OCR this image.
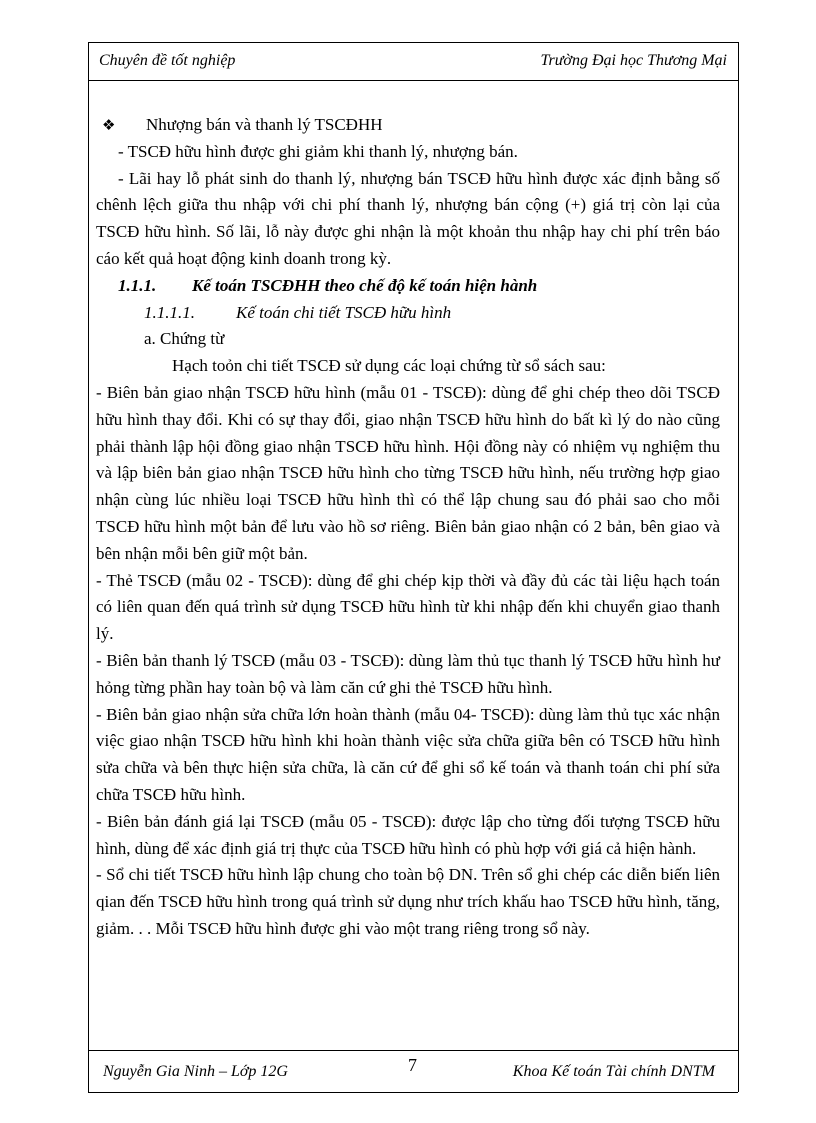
Chuyên đề tốt nghiệp	Trường Đại học Thương Mại
❖ Nhượng bán và thanh lý TSCĐHH

- TSCĐ hữu hình được ghi giảm khi thanh lý, nhượng bán.

- Lãi hay lỗ phát sinh do thanh lý, nhượng bán TSCĐ hữu hình được xác định bằng số chênh lệch giữa thu nhập với chi phí thanh lý, nhượng bán cộng (+) giá trị còn lại của TSCĐ hữu hình. Số lãi, lỗ này được ghi nhận là một khoản thu nhập hay chi phí trên báo cáo kết quả hoạt động kinh doanh trong kỳ.

1.1.1. Kế toán TSCĐHH theo chế độ kế toán hiện hành
1.1.1.1. Kế toán chi tiết TSCĐ hữu hình
a. Chứng từ
Hạch toỏn chi tiết TSCĐ sử dụng các loại chứng từ sổ sách sau:

- Biên bản giao nhận TSCĐ hữu hình (mẫu 01 - TSCĐ): dùng để ghi chép theo dõi TSCĐ hữu hình thay đổi. Khi có sự thay đổi, giao nhận TSCĐ hữu hình do bất kì lý do nào cũng phải thành lập hội đồng giao nhận TSCĐ hữu hình. Hội đồng này có nhiệm vụ nghiệm thu và lập biên bản giao nhận TSCĐ hữu hình cho từng TSCĐ hữu hình, nếu trường hợp giao nhận cùng lúc nhiều loại TSCĐ hữu hình thì có thể lập chung sau đó phải sao cho mỗi TSCĐ hữu hình một bản để lưu vào hồ sơ riêng. Biên bản giao nhận có 2 bản, bên giao và bên nhận mỗi bên giữ một bản.

- Thẻ TSCĐ (mẫu 02 - TSCĐ): dùng để ghi chép kịp thời và đầy đủ các tài liệu hạch toán có liên quan đến quá trình sử dụng TSCĐ hữu hình từ khi nhập đến khi chuyển giao thanh lý.

- Biên bản thanh lý TSCĐ (mẫu 03 - TSCĐ): dùng làm thủ tục thanh lý TSCĐ hữu hình hư hỏng từng phần hay toàn bộ và làm căn cứ ghi thẻ TSCĐ hữu hình.

- Biên bản giao nhận sửa chữa lớn hoàn thành (mẫu 04- TSCĐ): dùng làm thủ tục xác nhận việc giao nhận TSCĐ hữu hình khi hoàn thành việc sửa chữa giữa bên có TSCĐ hữu hình sửa chữa và bên thực hiện sửa chữa, là căn cứ để ghi sổ kế toán và thanh toán chi phí sửa chữa TSCĐ hữu hình.

- Biên bản đánh giá lại TSCĐ (mẫu 05 - TSCĐ): được lập cho từng đối tượng TSCĐ hữu hình, dùng để xác định giá trị thực của TSCĐ hữu hình có phù hợp với giá cả hiện hành.

- Sổ chi tiết TSCĐ hữu hình lập chung cho toàn bộ DN. Trên sổ ghi chép các diễn biến liên qian đến TSCĐ hữu hình trong quá trình sử dụng như trích khấu hao TSCĐ hữu hình, tăng, giảm. . . Mỗi TSCĐ hữu hình được ghi vào một trang riêng trong sổ này.

Nguyễn Gia Ninh – Lớp 12G	7	Khoa Kế toán Tài chính DNTM
